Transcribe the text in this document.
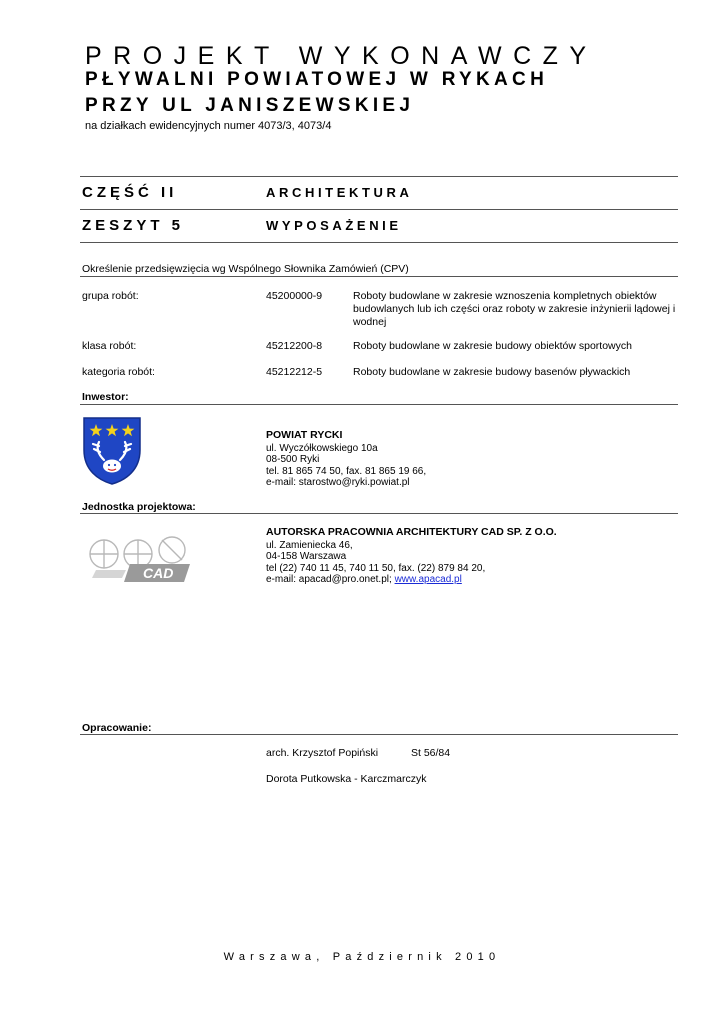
PROJEKT WYKONAWCZY
PŁYWALNI POWIATOWEJ W RYKACH
PRZY UL JANISZEWSKIEJ
na działkach ewidencyjnych numer 4073/3, 4073/4
CZĘŚĆ II	ARCHITEKTURA
ZESZYT 5	WYPOSAŻENIE
Określenie przedsięwzięcia wg Wspólnego Słownika Zamówień (CPV)
grupa robót:	45200000-9	Roboty budowlane w zakresie wznoszenia kompletnych obiektów budowlanych lub ich części oraz roboty w zakresie inżynierii lądowej i wodnej
klasa robót:	45212200-8	Roboty budowlane w zakresie budowy obiektów sportowych
kategoria robót:	45212212-5	Roboty budowlane w zakresie budowy basenów pływackich
Inwestor:
POWIAT RYCKI
ul. Wyczółkowskiego 10a
08-500 Ryki
tel. 81 865 74 50, fax. 81 865 19 66,
e-mail: starostwo@ryki.powiat.pl
Jednostka projektowa:
CAD
AUTORSKA PRACOWNIA ARCHITEKTURY CAD SP. Z O.O.
ul. Zamieniecka 46,
04-158 Warszawa
tel (22) 740 11 45, 740 11 50, fax. (22) 879 84 20,
e-mail: apacad@pro.onet.pl; www.apacad.pl
Opracowanie:
arch. Krzysztof Popiński	St 56/84
Dorota Putkowska - Karczmarczyk
Warszawa, Październik 2010
